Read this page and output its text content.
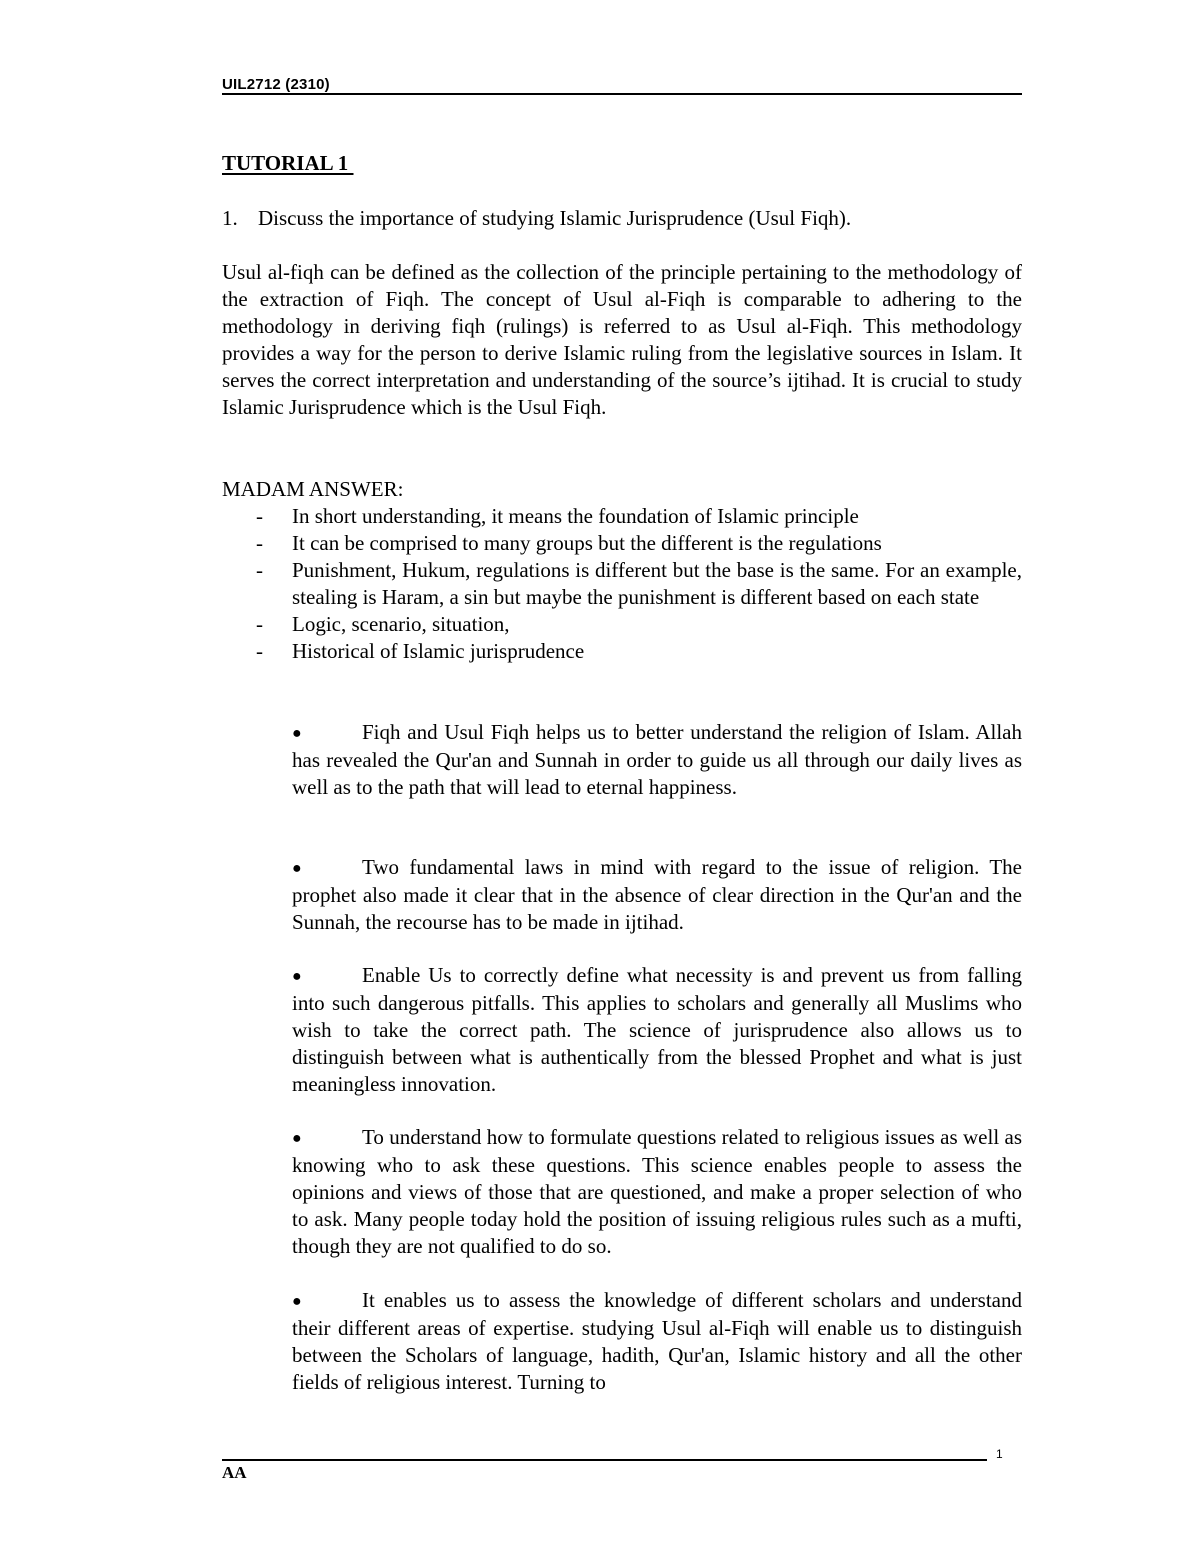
UIL2712 (2310)
TUTORIAL 1
1. Discuss the importance of studying Islamic Jurisprudence (Usul Fiqh).
Usul al-fiqh can be defined as the collection of the principle pertaining to the methodology of the extraction of Fiqh. The concept of Usul al-Fiqh is comparable to adhering to the methodology in deriving fiqh (rulings) is referred to as Usul al-Fiqh. This methodology provides a way for the person to derive Islamic ruling from the legislative sources in Islam. It serves the correct interpretation and understanding of the source’s ijtihad. It is crucial to study Islamic Jurisprudence which is the Usul Fiqh.
MADAM ANSWER:
- In short understanding, it means the foundation of Islamic principle
- It can be comprised to many groups but the different is the regulations
- Punishment, Hukum, regulations is different but the base is the same. For an example, stealing is Haram, a sin but maybe the punishment is different based on each state
- Logic, scenario, situation,
- Historical of Islamic jurisprudence
●	Fiqh and Usul Fiqh helps us to better understand the religion of Islam. Allah has revealed the Qur'an and Sunnah in order to guide us all through our daily lives as well as to the path that will lead to eternal happiness.
●	Two fundamental laws in mind with regard to the issue of religion. The prophet also made it clear that in the absence of clear direction in the Qur'an and the Sunnah, the recourse has to be made in ijtihad.
●	Enable Us to correctly define what necessity is and prevent us from falling into such dangerous pitfalls. This applies to scholars and generally all Muslims who wish to take the correct path. The science of jurisprudence also allows us to distinguish between what is authentically from the blessed Prophet and what is just meaningless innovation.
●	To understand how to formulate questions related to religious issues as well as knowing who to ask these questions. This science enables people to assess the opinions and views of those that are questioned, and make a proper selection of who to ask. Many people today hold the position of issuing religious rules such as a mufti, though they are not qualified to do so.
●	It enables us to assess the knowledge of different scholars and understand their different areas of expertise. studying Usul al-Fiqh will enable us to distinguish between the Scholars of language, hadith, Qur'an, Islamic history and all the other fields of religious interest. Turning to
1
AA
